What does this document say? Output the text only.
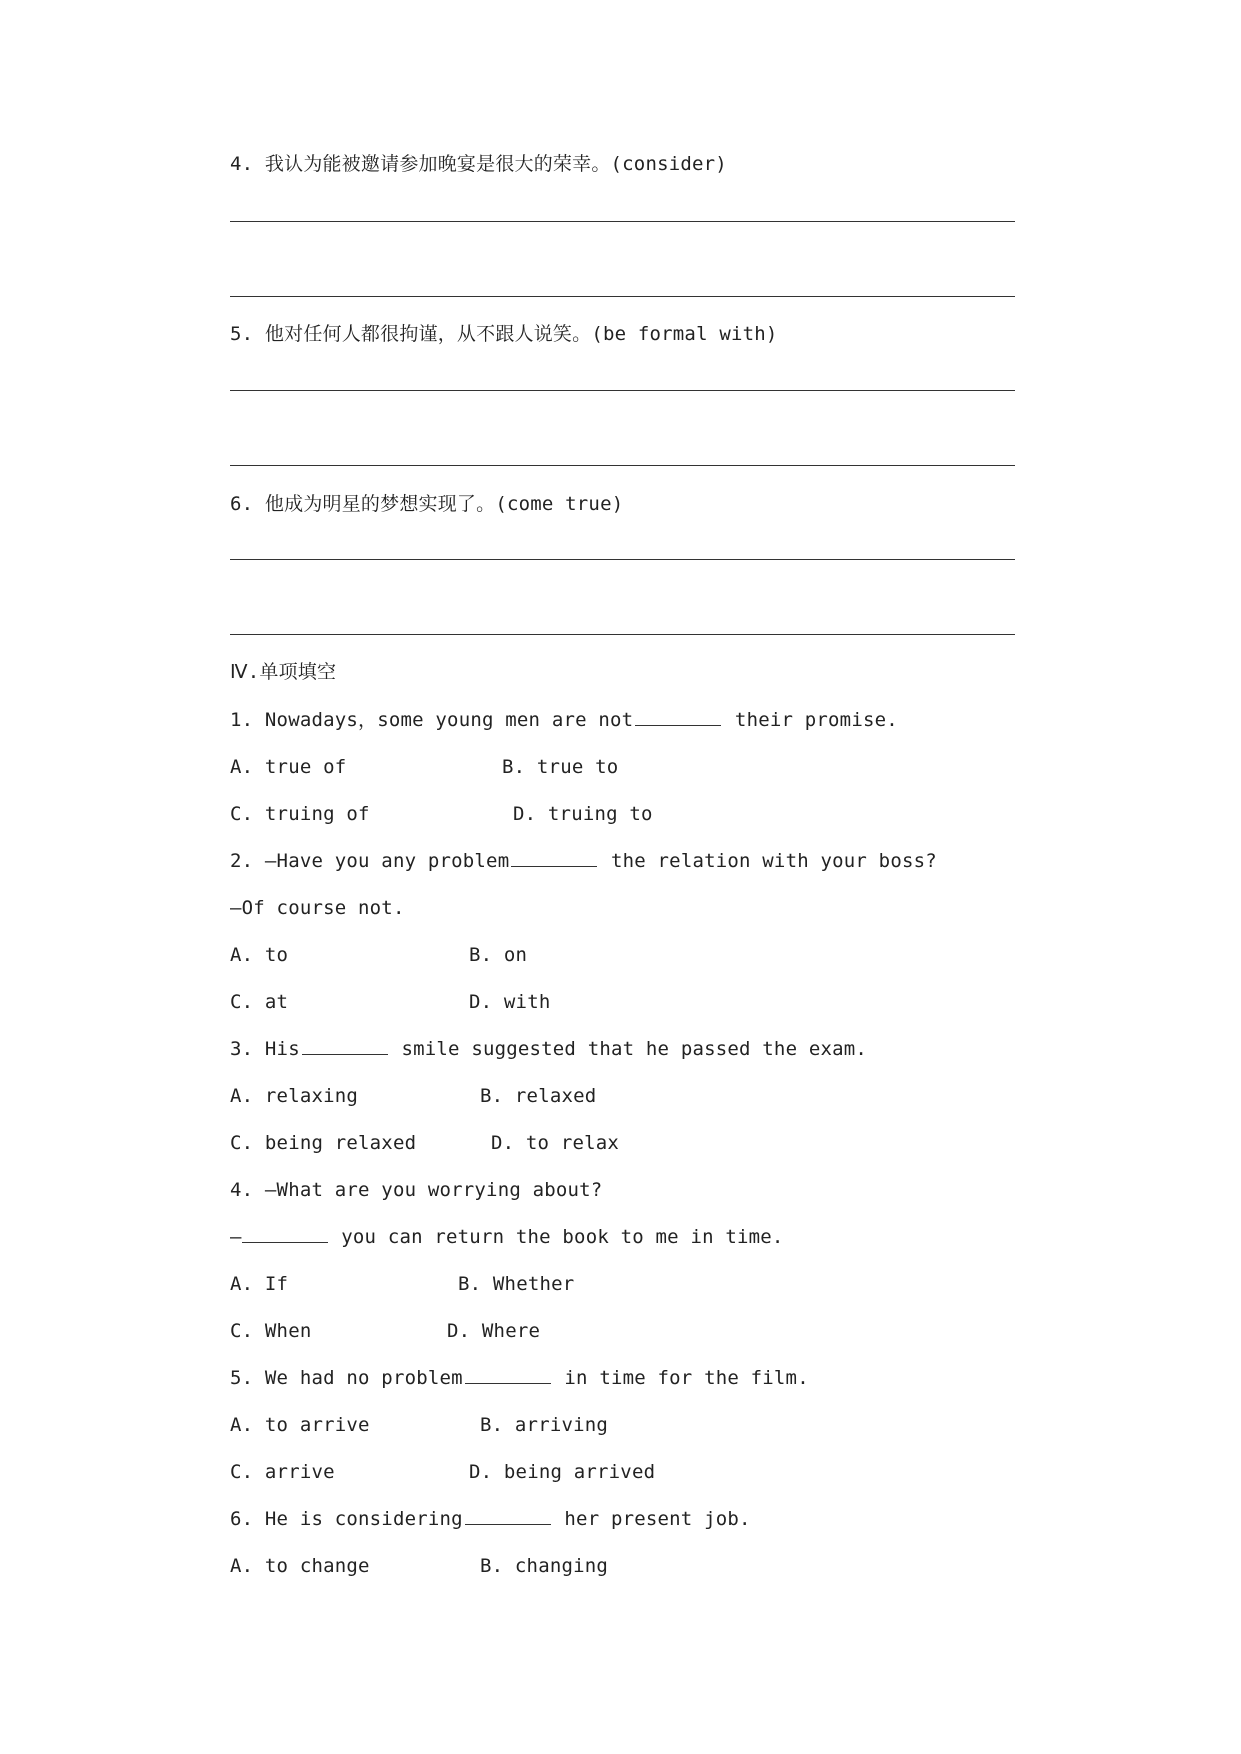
4. 我认为能被邀请参加晚宴是很大的荣幸。(consider)
5. 他对任何人都很拘谨，从不跟人说笑。(be formal with)
6. 他成为明星的梦想实现了。(come true)
Ⅳ.单项填空
1. Nowadays，some young men are not	their promise.
A. true of	B. true to
C. truing of	D. truing to
2. —Have you any problem	the relation with your boss?
—Of course not.
A. to	B. on
C. at	D. with
3. His	smile suggested that he passed the exam.
A. relaxing	B. relaxed
C. being relaxed	D. to relax
4. —What are you worrying about?
—	you can return the book to me in time.
A. If	B. Whether
C. When	D. Where
5. We had no problem	in time for the film.
A. to arrive	B. arriving
C. arrive	D. being arrived
6. He is considering	her present job.
A. to change	B. changing
